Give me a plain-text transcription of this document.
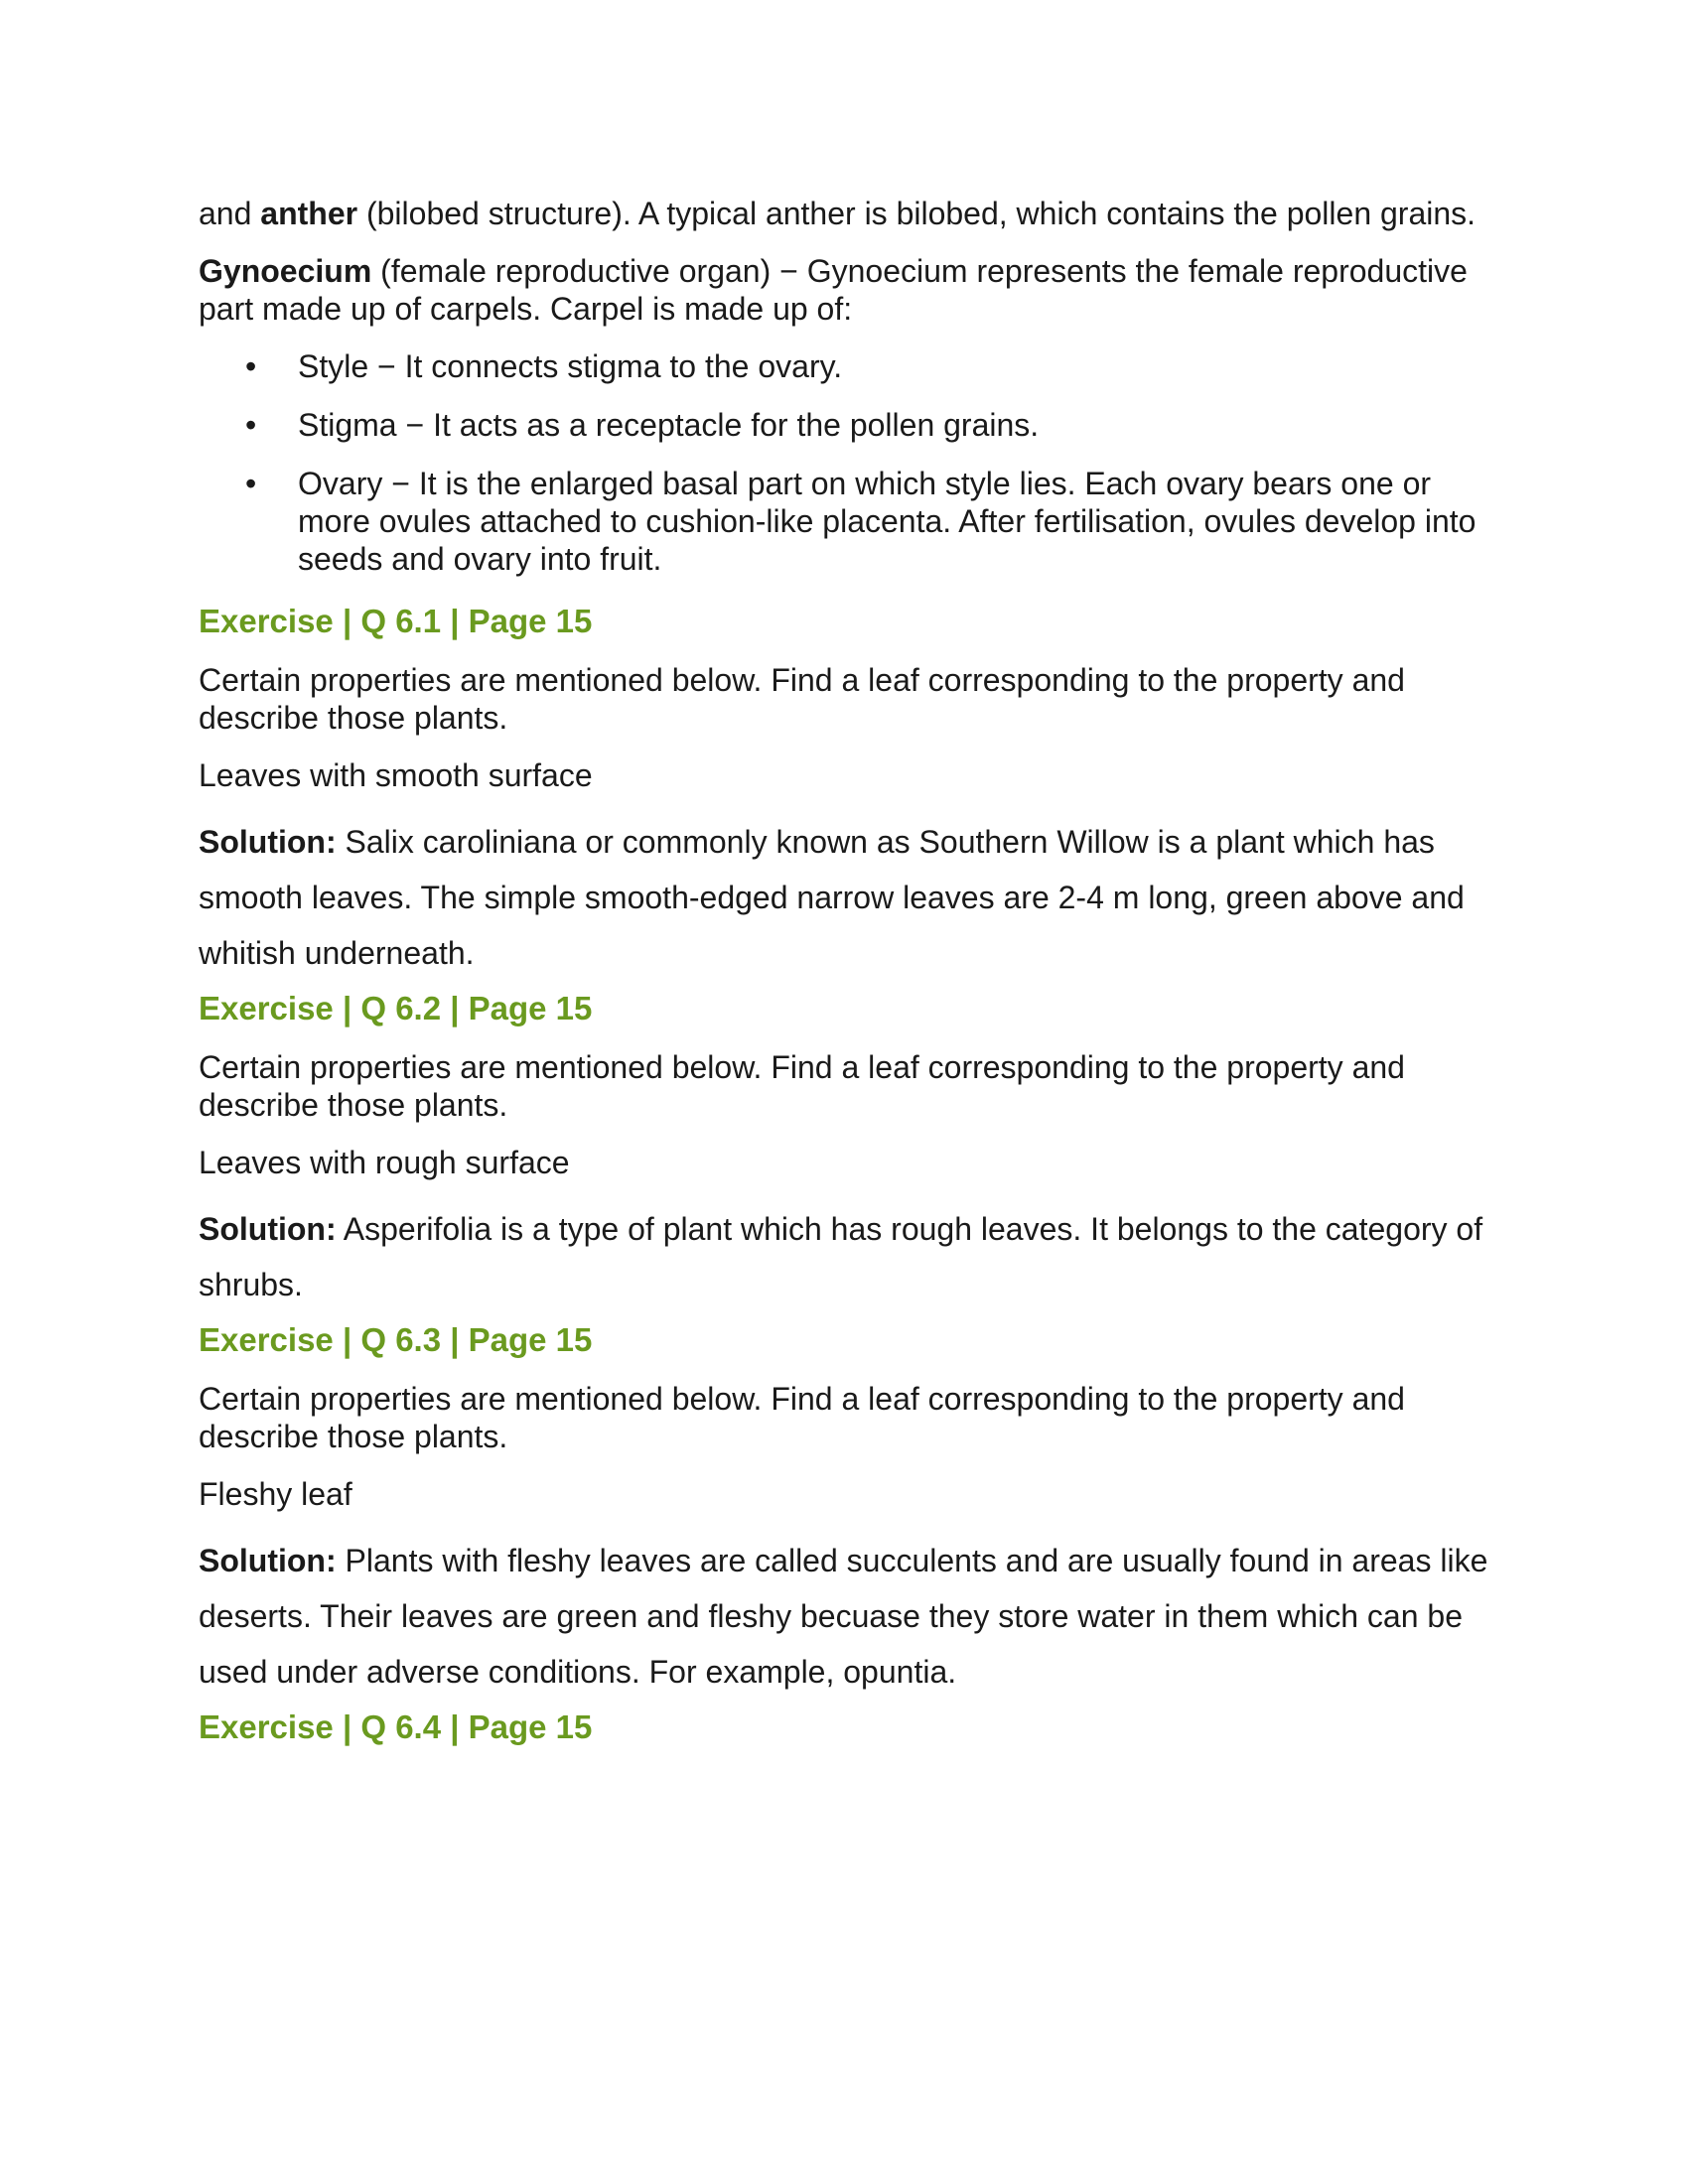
and anther (bilobed structure). A typical anther is bilobed, which contains the pollen grains.

Gynoecium (female reproductive organ) − Gynoecium represents the female reproductive part made up of carpels. Carpel is made up of:

• Style − It connects stigma to the ovary.
• Stigma − It acts as a receptacle for the pollen grains.
• Ovary − It is the enlarged basal part on which style lies. Each ovary bears one or more ovules attached to cushion-like placenta. After fertilisation, ovules develop into seeds and ovary into fruit.
Exercise | Q 6.1 | Page 15

Certain properties are mentioned below. Find a leaf corresponding to the property and describe those plants.

Leaves with smooth surface

Solution: Salix caroliniana or commonly known as Southern Willow is a plant which has smooth leaves. The simple smooth-edged narrow leaves are 2-4 m long, green above and whitish underneath.

Exercise | Q 6.2 | Page 15

Certain properties are mentioned below. Find a leaf corresponding to the property and describe those plants.

Leaves with rough surface

Solution: Asperifolia is a type of plant which has rough leaves. It belongs to the category of shrubs.

Exercise | Q 6.3 | Page 15

Certain properties are mentioned below. Find a leaf corresponding to the property and describe those plants.

Fleshy leaf

Solution: Plants with fleshy leaves are called succulents and are usually found in areas like deserts. Their leaves are green and fleshy becuase they store water in them which can be used under adverse conditions. For example, opuntia.

Exercise | Q 6.4 | Page 15
